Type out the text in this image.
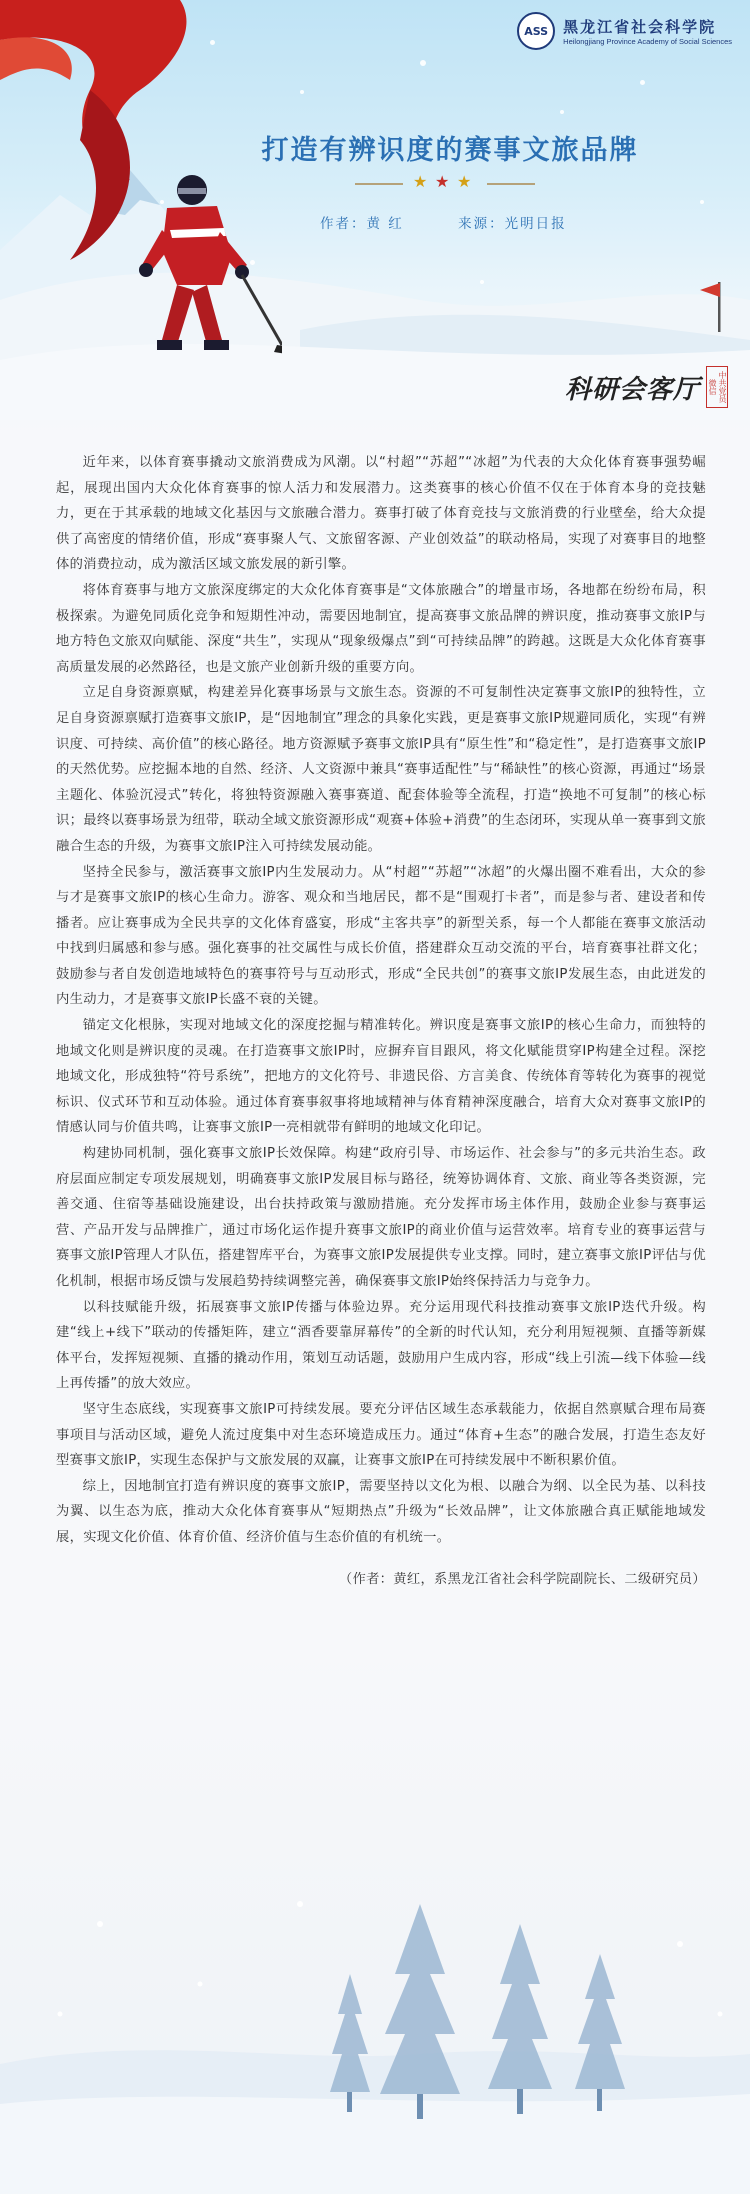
ASS 黑龙江省社会科学院
Heilongjiang Province Academy of Social Sciences
打造有辨识度的赛事文旅品牌
★ ★ ★
作者：黄 红	来源：光明日报
科研会客厅	中共党员 微信

近年来，以体育赛事撬动文旅消费成为风潮。以“村超”“苏超”“冰超”为代表的大众化体育赛事强势崛起，展现出国内大众化体育赛事的惊人活力和发展潜力。这类赛事的核心价值不仅在于体育本身的竞技魅力，更在于其承载的地域文化基因与文旅融合潜力。赛事打破了体育竞技与文旅消费的行业壁垒，给大众提供了高密度的情绪价值，形成“赛事聚人气、文旅留客源、产业创效益”的联动格局，实现了对赛事目的地整体的消费拉动，成为激活区域文旅发展的新引擎。

将体育赛事与地方文旅深度绑定的大众化体育赛事是“文体旅融合”的增量市场，各地都在纷纷布局，积极探索。为避免同质化竞争和短期性冲动，需要因地制宜，提高赛事文旅品牌的辨识度，推动赛事文旅IP与地方特色文旅双向赋能、深度“共生”，实现从“现象级爆点”到“可持续品牌”的跨越。这既是大众化体育赛事高质量发展的必然路径，也是文旅产业创新升级的重要方向。

立足自身资源禀赋，构建差异化赛事场景与文旅生态。资源的不可复制性决定赛事文旅IP的独特性，立足自身资源禀赋打造赛事文旅IP，是“因地制宜”理念的具象化实践，更是赛事文旅IP规避同质化，实现“有辨识度、可持续、高价值”的核心路径。地方资源赋予赛事文旅IP具有“原生性”和“稳定性”，是打造赛事文旅IP的天然优势。应挖掘本地的自然、经济、人文资源中兼具“赛事适配性”与“稀缺性”的核心资源，再通过“场景主题化、体验沉浸式”转化，将独特资源融入赛事赛道、配套体验等全流程，打造“换地不可复制”的核心标识；最终以赛事场景为纽带，联动全域文旅资源形成“观赛+体验+消费”的生态闭环，实现从单一赛事到文旅融合生态的升级，为赛事文旅IP注入可持续发展动能。

坚持全民参与，激活赛事文旅IP内生发展动力。从“村超”“苏超”“冰超”的火爆出圈不难看出，大众的参与才是赛事文旅IP的核心生命力。游客、观众和当地居民，都不是“围观打卡者”，而是参与者、建设者和传播者。应让赛事成为全民共享的文化体育盛宴，形成“主客共享”的新型关系，每一个人都能在赛事文旅活动中找到归属感和参与感。强化赛事的社交属性与成长价值，搭建群众互动交流的平台，培育赛事社群文化；鼓励参与者自发创造地域特色的赛事符号与互动形式，形成“全民共创”的赛事文旅IP发展生态，由此迸发的内生动力，才是赛事文旅IP长盛不衰的关键。

锚定文化根脉，实现对地域文化的深度挖掘与精准转化。辨识度是赛事文旅IP的核心生命力，而独特的地域文化则是辨识度的灵魂。在打造赛事文旅IP时，应摒弃盲目跟风，将文化赋能贯穿IP构建全过程。深挖地域文化，形成独特“符号系统”，把地方的文化符号、非遗民俗、方言美食、传统体育等转化为赛事的视觉标识、仪式环节和互动体验。通过体育赛事叙事将地域精神与体育精神深度融合，培育大众对赛事文旅IP的情感认同与价值共鸣，让赛事文旅IP一亮相就带有鲜明的地域文化印记。

构建协同机制，强化赛事文旅IP长效保障。构建“政府引导、市场运作、社会参与”的多元共治生态。政府层面应制定专项发展规划，明确赛事文旅IP发展目标与路径，统筹协调体育、文旅、商业等各类资源，完善交通、住宿等基础设施建设，出台扶持政策与激励措施。充分发挥市场主体作用，鼓励企业参与赛事运营、产品开发与品牌推广，通过市场化运作提升赛事文旅IP的商业价值与运营效率。培育专业的赛事运营与赛事文旅IP管理人才队伍，搭建智库平台，为赛事文旅IP发展提供专业支撑。同时，建立赛事文旅IP评估与优化机制，根据市场反馈与发展趋势持续调整完善，确保赛事文旅IP始终保持活力与竞争力。

以科技赋能升级，拓展赛事文旅IP传播与体验边界。充分运用现代科技推动赛事文旅IP迭代升级。构建“线上+线下”联动的传播矩阵，建立“酒香要靠屏幕传”的全新的时代认知，充分利用短视频、直播等新媒体平台，发挥短视频、直播的撬动作用，策划互动话题，鼓励用户生成内容，形成“线上引流—线下体验—线上再传播”的放大效应。

坚守生态底线，实现赛事文旅IP可持续发展。要充分评估区域生态承载能力，依据自然禀赋合理布局赛事项目与活动区域，避免人流过度集中对生态环境造成压力。通过“体育+生态”的融合发展，打造生态友好型赛事文旅IP，实现生态保护与文旅发展的双赢，让赛事文旅IP在可持续发展中不断积累价值。

综上，因地制宜打造有辨识度的赛事文旅IP，需要坚持以文化为根、以融合为纲、以全民为基、以科技为翼、以生态为底，推动大众化体育赛事从“短期热点”升级为“长效品牌”，让文体旅融合真正赋能地域发展，实现文化价值、体育价值、经济价值与生态价值的有机统一。

（作者：黄红，系黑龙江省社会科学院副院长、二级研究员）
